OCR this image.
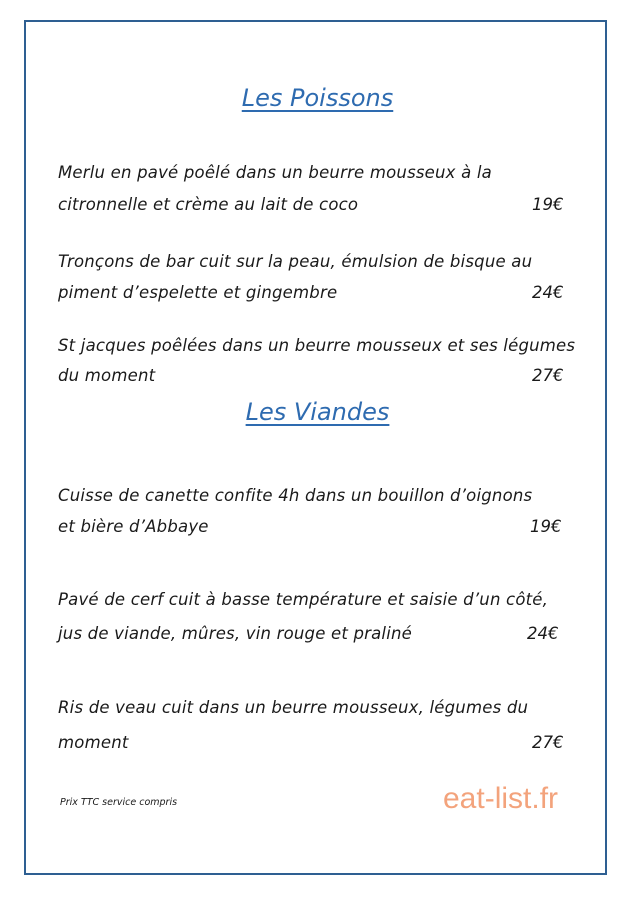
Les Poissons
Merlu en pavé poêlé dans un beurre mousseux à la
citronnelle et crème au lait de coco	19€
Tronçons de bar cuit sur la peau, émulsion de bisque au
piment d’espelette et gingembre	24€
St jacques poêlées dans un beurre mousseux et ses légumes
du moment	27€
Les Viandes
Cuisse de canette confite 4h dans un bouillon d’oignons
et bière d’Abbaye	19€
Pavé de cerf cuit à basse température et saisie d’un côté,
jus de viande, mûres, vin rouge et praliné	24€
Ris de veau cuit dans un beurre mousseux, légumes du
moment	27€
Prix TTC service compris	eat-list.fr
